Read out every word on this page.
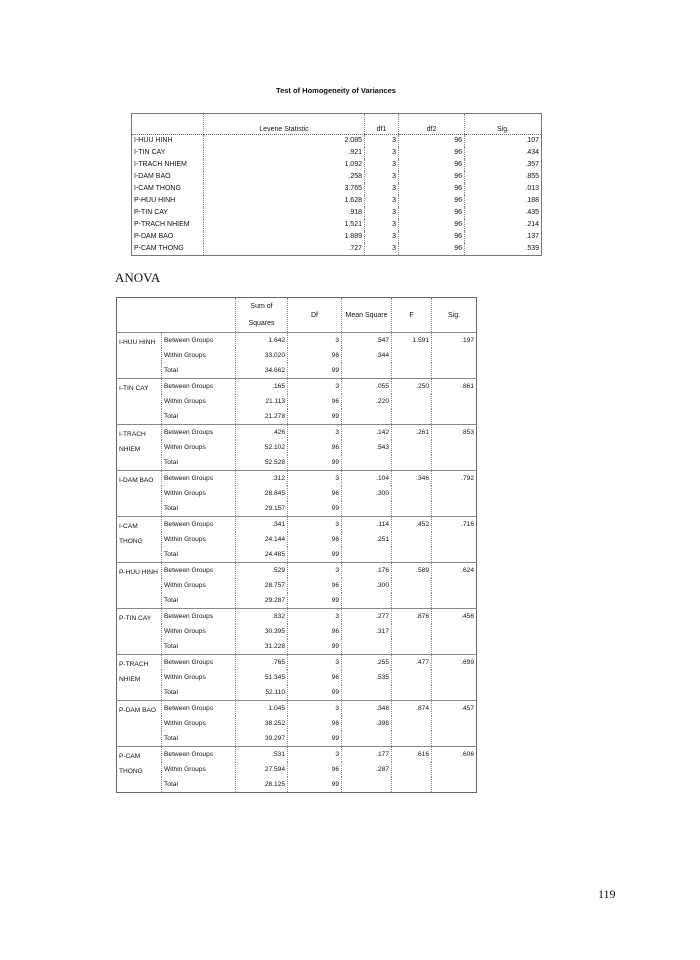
Test of Homogeneity of Variances
	Levene Statistic	df1	df2	Sig.
I-HUU HINH	2.085	3	96	.107
I-TIN CAY	.921	3	96	.434
I-TRACH NHIEM	1.092	3	96	.357
I-DAM BAO	.258	3	96	.855
I-CAM THONG	3.765	3	96	.013
P-HUU HINH	1.628	3	96	.188
P-TIN CAY	.918	3	96	.435
P-TRACH NHIEM	1.521	3	96	.214
P-DAM BAO	1.889	3	96	.137
P-CAM THONG	.727	3	96	.539
ANOVA
		Sum of Squares	Df	Mean Square	F	Sig.
I-HUU HINH	Between Groups	1.642	3	.547	1.591	.197
	Within Groups	33.020	96	.344		
	Total	34.662	99			
I-TIN CAY	Between Groups	.165	3	.055	.250	.861
	Within Groups	21.113	96	.220		
	Total	21.278	99			
I-TRACH NHIEM	Between Groups	.426	3	.142	.261	.853
	Within Groups	52.102	96	.543		
	Total	52.528	99			
I-DAM BAO	Between Groups	.312	3	.104	.346	.792
	Within Groups	28.845	96	.300		
	Total	29.157	99			
I-CAM THONG	Between Groups	.341	3	.114	.452	.716
	Within Groups	24.144	96	.251		
	Total	24.485	99			
P-HUU HINH	Between Groups	.529	3	.176	.589	.624
	Within Groups	28.757	96	.300		
	Total	29.287	99			
P-TIN CAY	Between Groups	.832	3	.277	.876	.456
	Within Groups	30.395	96	.317		
	Total	31.228	99			
P-TRACH NHIEM	Between Groups	.765	3	.255	.477	.699
	Within Groups	51.345	96	.535		
	Total	52.110	99			
P-DAM BAO	Between Groups	1.045	3	.348	.874	.457
	Within Groups	38.252	96	.398		
	Total	39.297	99			
P-CAM THONG	Between Groups	.531	3	.177	.616	.606
	Within Groups	27.594	96	.287		
	Total	28.125	99			
119
